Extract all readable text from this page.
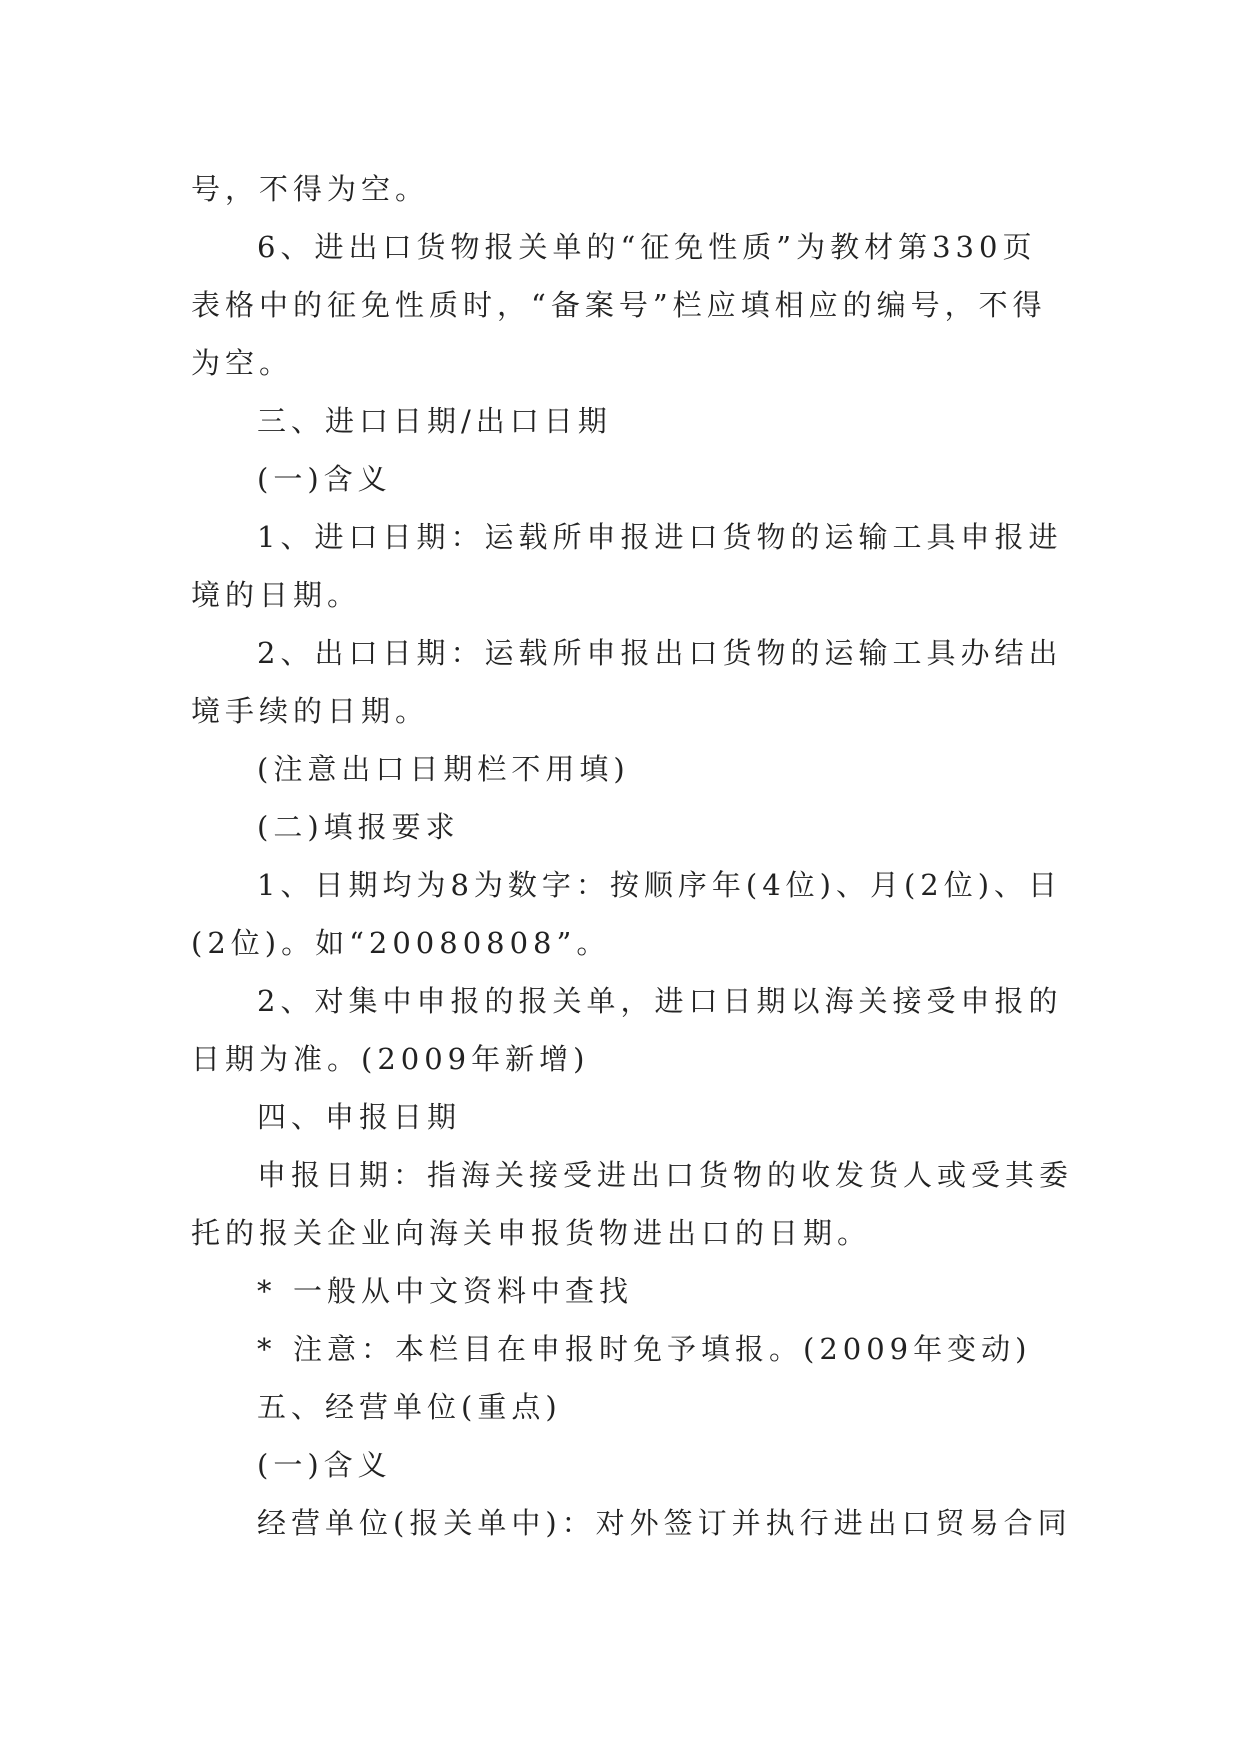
号，不得为空。

6、进出口货物报关单的“征免性质”为教材第330页

表格中的征免性质时，“备案号”栏应填相应的编号，不得

为空。

三、进口日期/出口日期

(一)含义

1、进口日期：运载所申报进口货物的运输工具申报进

境的日期。

2、出口日期：运载所申报出口货物的运输工具办结出

境手续的日期。

(注意出口日期栏不用填)

(二)填报要求

1、日期均为8为数字：按顺序年(4位)、月(2位)、日

(2位)。如“20080808”。

2、对集中申报的报关单，进口日期以海关接受申报的

日期为准。(2009年新增)

四、申报日期

申报日期：指海关接受进出口货物的收发货人或受其委

托的报关企业向海关申报货物进出口的日期。

* 一般从中文资料中查找

* 注意：本栏目在申报时免予填报。(2009年变动)

五、经营单位(重点)

(一)含义

经营单位(报关单中)：对外签订并执行进出口贸易合同
